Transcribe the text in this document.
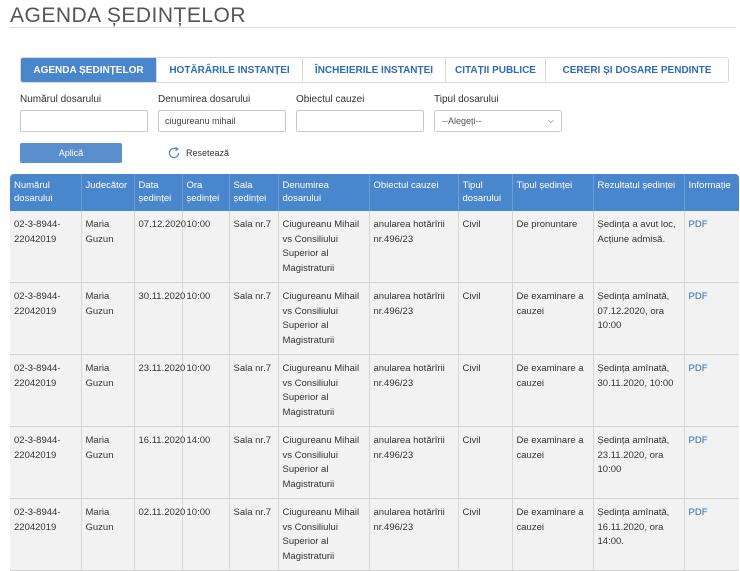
AGENDA ȘEDINȚELOR
AGENDA ȘEDINȚELOR	HOTĂRÂRILE INSTANȚEI	ÎNCHEIERILE INSTANȚEI	CITAȚII PUBLICE	CERERI ȘI DOSARE PENDINTE
Numărul dosarului	Denumirea dosarului
ciugureanu mihail	Obiectul cauzei	Tipul dosarului
--Alegeți--	⌵
Aplică	Resetează
Numărul dosarului	Judecător	Data ședinței	Ora ședinței	Sala ședinței	Denumirea dosarului	Obiectul cauzei	Tipul dosarului	Tipul ședinței	Rezultatul ședinței	Informație
02-3-8944-22042019	Maria Guzun	07.12.2020	10:00	Sala nr.7	Ciugureanu Mihail vs Consiliului Superior al Magistraturii	anularea hotărîrii nr.496/23	Civil	De pronuntare	Ședința a avut loc, Acțiune admisă.	PDF
02-3-8944-22042019	Maria Guzun	30.11.2020	10:00	Sala nr.7	Ciugureanu Mihail vs Consiliului Superior al Magistraturii	anularea hotărîrii nr.496/23	Civil	De examinare a cauzei	Ședința amînată, 07.12.2020, ora 10:00	PDF
02-3-8944-22042019	Maria Guzun	23.11.2020	10:00	Sala nr.7	Ciugureanu Mihail vs Consiliului Superior al Magistraturii	anularea hotărîrii nr.496/23	Civil	De examinare a cauzei	Ședința amînată, 30.11.2020, 10:00	PDF
02-3-8944-22042019	Maria Guzun	16.11.2020	14:00	Sala nr.7	Ciugureanu Mihail vs Consiliului Superior al Magistraturii	anularea hotărîrii nr.496/23	Civil	De examinare a cauzei	Ședința amînată, 23.11.2020, ora 10:00	PDF
02-3-8944-22042019	Maria Guzun	02.11.2020	10:00	Sala nr.7	Ciugureanu Mihail vs Consiliului Superior al Magistraturii	anularea hotărîrii nr.496/23	Civil	De examinare a cauzei	Ședința amînată, 16.11.2020, ora 14:00.	PDF
